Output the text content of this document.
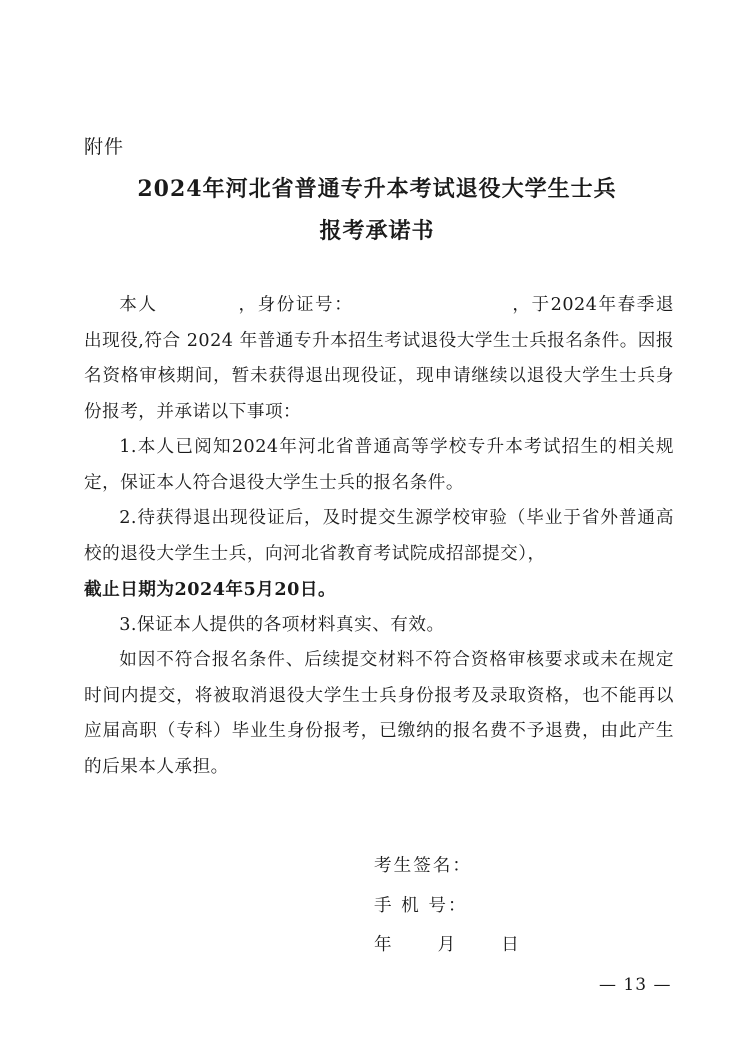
附件
2024年河北省普通专升本考试退役大学生士兵
报考承诺书

本人	，身份证号：	，于2024年春季退出现役,符合 2024 年普通专升本招生考试退役大学生士兵报名条件。因报名资格审核期间，暂未获得退出现役证，现申请继续以退役大学生士兵身份报考，并承诺以下事项：

1.本人已阅知2024年河北省普通高等学校专升本考试招生的相关规定，保证本人符合退役大学生士兵的报名条件。

2.待获得退出现役证后，及时提交生源学校审验（毕业于省外普通高校的退役大学生士兵，向河北省教育考试院成招部提交），

截止日期为2024年5月20日。

3.保证本人提供的各项材料真实、有效。

如因不符合报名条件、后续提交材料不符合资格审核要求或未在规定时间内提交，将被取消退役大学生士兵身份报考及录取资格，也不能再以应届高职（专科）毕业生身份报考，已缴纳的报名费不予退费，由此产生的后果本人承担。

考生签名：
手 机 号：
年	月	日
— 13 —
